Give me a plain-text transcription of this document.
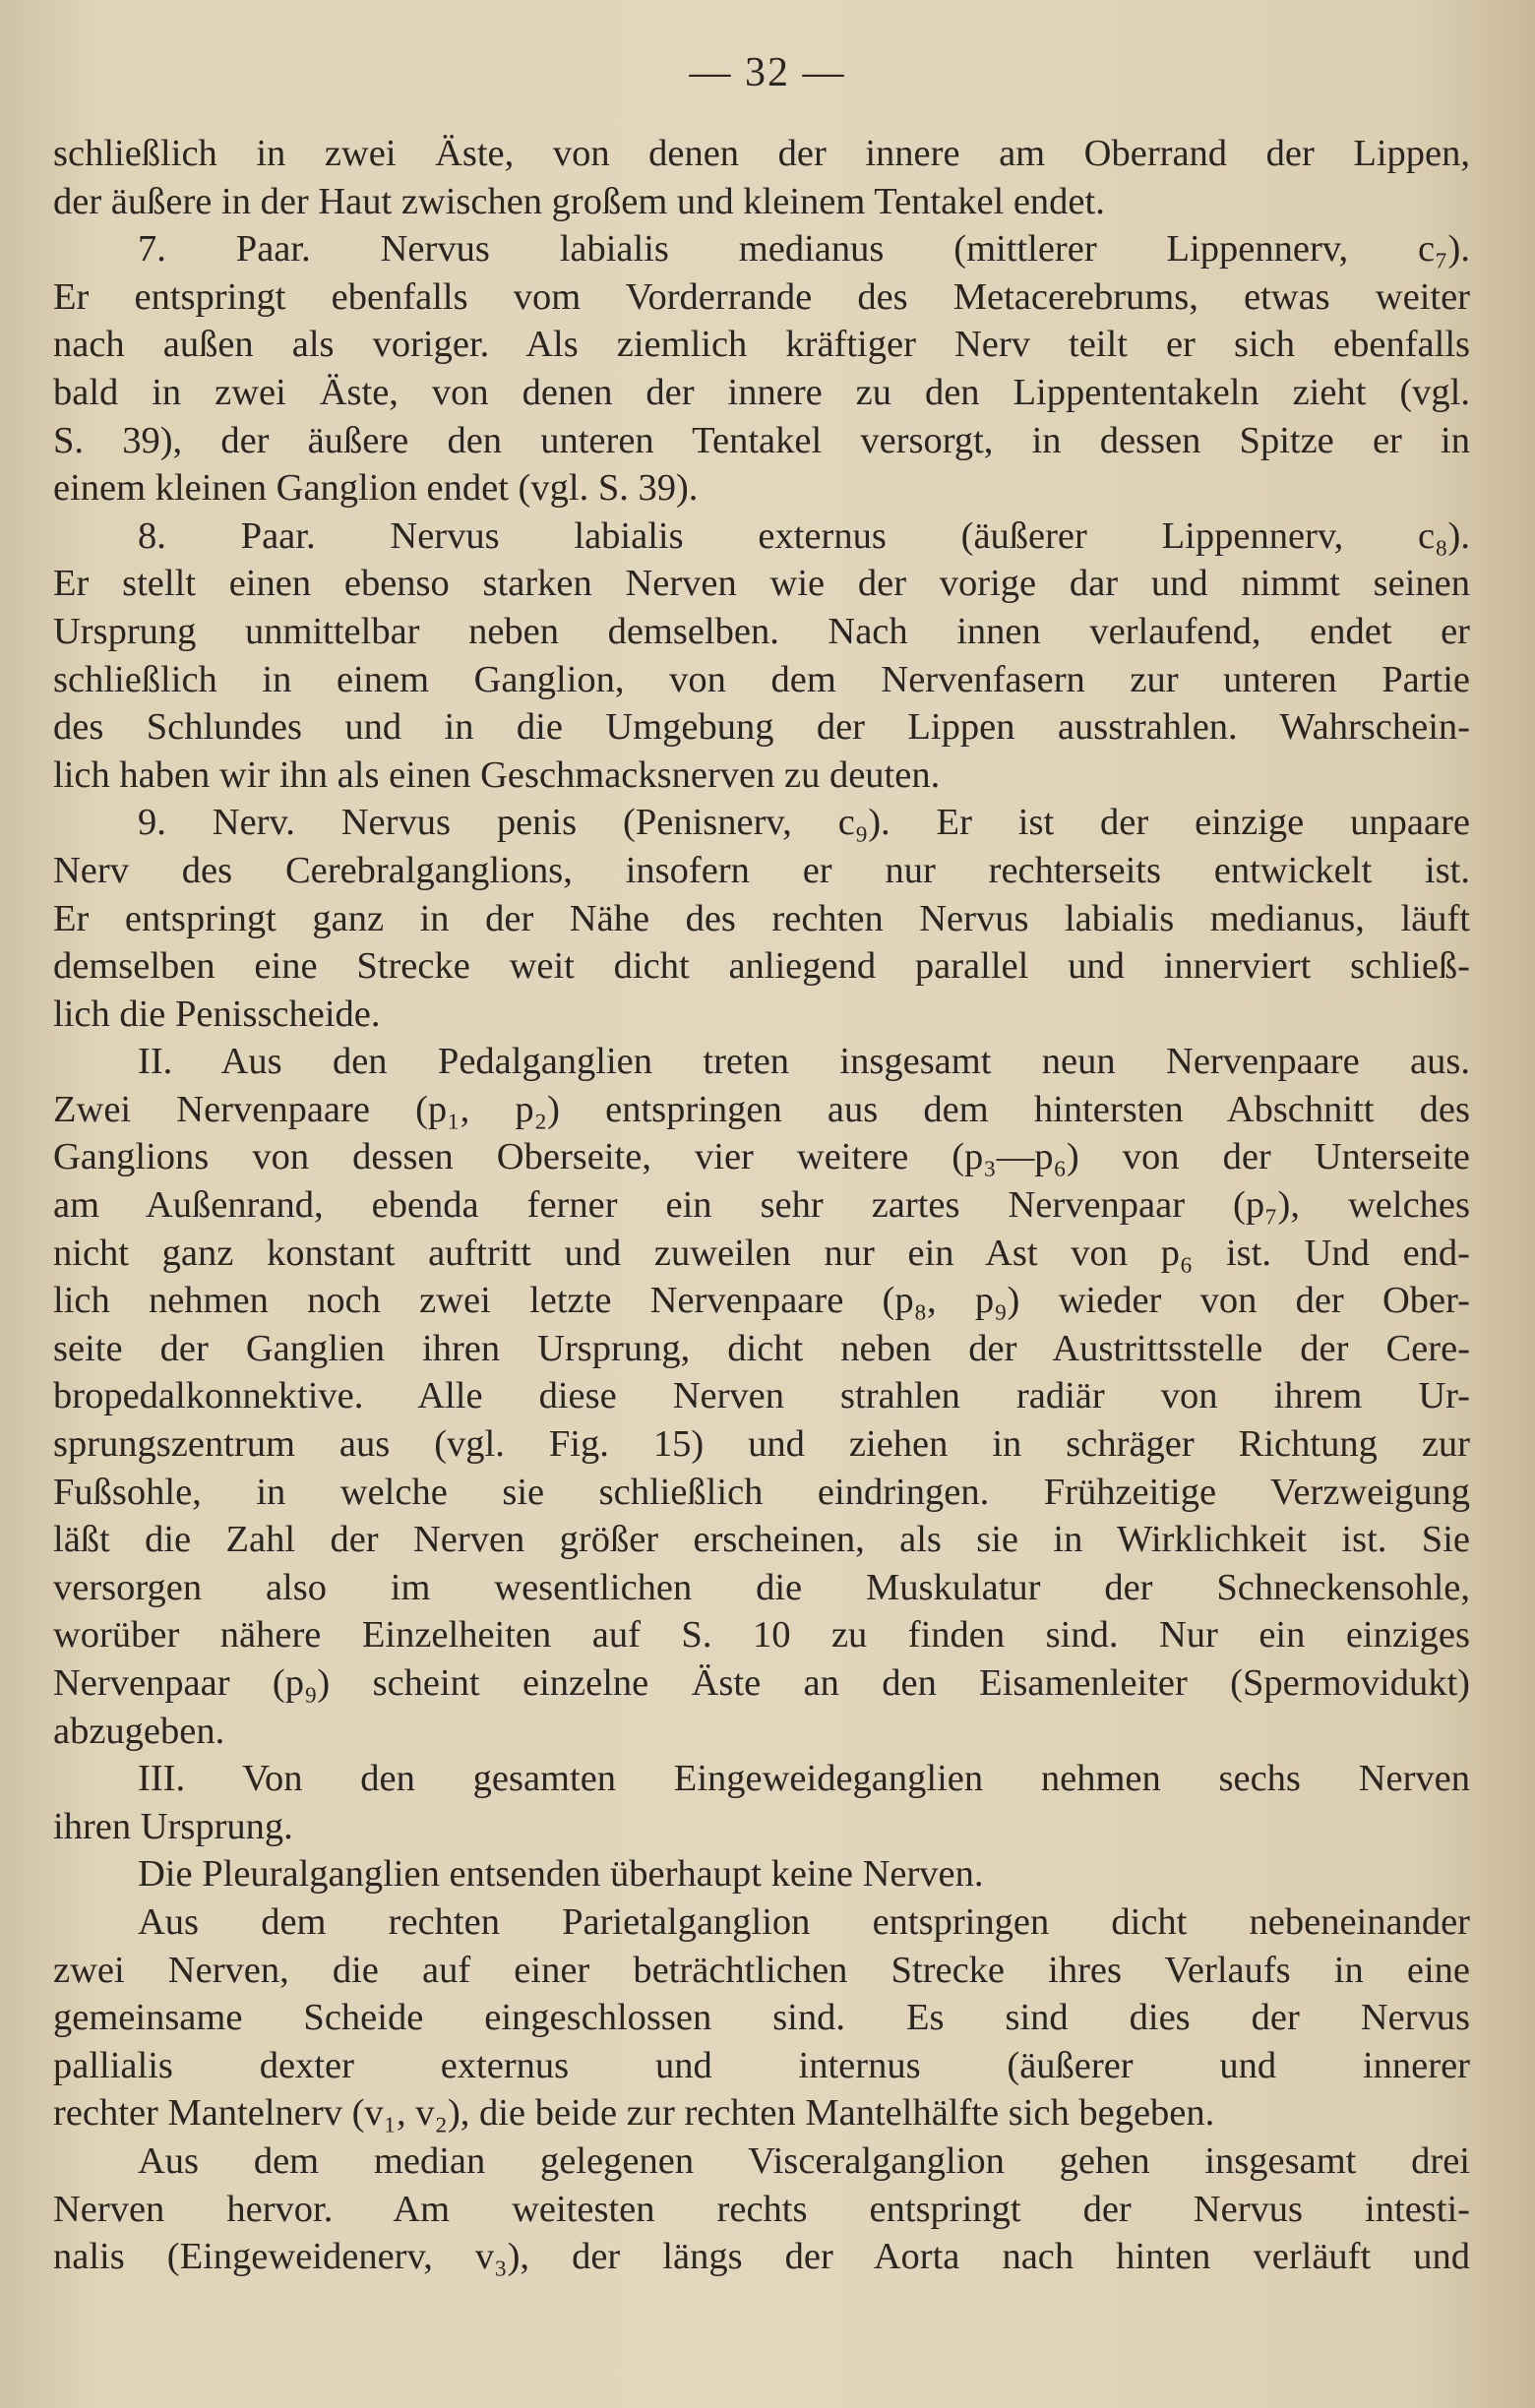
— 32 —
schließlich in zwei Äste, von denen der innere am Oberrand der Lippen,
der äußere in der Haut zwischen großem und kleinem Tentakel endet.
7. Paar. Nervus labialis medianus (mittlerer Lippennerv, c₇).
Er entspringt ebenfalls vom Vorderrande des Metacerebrums, etwas weiter
nach außen als voriger. Als ziemlich kräftiger Nerv teilt er sich ebenfalls
bald in zwei Äste, von denen der innere zu den Lippententakeln zieht (vgl.
S. 39), der äußere den unteren Tentakel versorgt, in dessen Spitze er in
einem kleinen Ganglion endet (vgl. S. 39).
8. Paar. Nervus labialis externus (äußerer Lippennerv, c₈).
Er stellt einen ebenso starken Nerven wie der vorige dar und nimmt seinen
Ursprung unmittelbar neben demselben. Nach innen verlaufend, endet er
schließlich in einem Ganglion, von dem Nervenfasern zur unteren Partie
des Schlundes und in die Umgebung der Lippen ausstrahlen. Wahrschein-
lich haben wir ihn als einen Geschmacksnerven zu deuten.
9. Nerv. Nervus penis (Penisnerv, c₉). Er ist der einzige unpaare
Nerv des Cerebralganglions, insofern er nur rechterseits entwickelt ist.
Er entspringt ganz in der Nähe des rechten Nervus labialis medianus, läuft
demselben eine Strecke weit dicht anliegend parallel und innerviert schließ-
lich die Penisscheide.
II. Aus den Pedalganglien treten insgesamt neun Nervenpaare aus.
Zwei Nervenpaare (p₁, p₂) entspringen aus dem hintersten Abschnitt des
Ganglions von dessen Oberseite, vier weitere (p₃—p₆) von der Unterseite
am Außenrand, ebenda ferner ein sehr zartes Nervenpaar (p₇), welches
nicht ganz konstant auftritt und zuweilen nur ein Ast von p₆ ist. Und end-
lich nehmen noch zwei letzte Nervenpaare (p₈, p₉) wieder von der Ober-
seite der Ganglien ihren Ursprung, dicht neben der Austrittsstelle der Cere-
bropedalkonnektive. Alle diese Nerven strahlen radiär von ihrem Ur-
sprungszentrum aus (vgl. Fig. 15) und ziehen in schräger Richtung zur
Fußsohle, in welche sie schließlich eindringen. Frühzeitige Verzweigung
läßt die Zahl der Nerven größer erscheinen, als sie in Wirklichkeit ist. Sie
versorgen also im wesentlichen die Muskulatur der Schneckensohle,
worüber nähere Einzelheiten auf S. 10 zu finden sind. Nur ein einziges
Nervenpaar (p₉) scheint einzelne Äste an den Eisamenleiter (Spermovidukt)
abzugeben.
III. Von den gesamten Eingeweideganglien nehmen sechs Nerven
ihren Ursprung.
Die Pleuralganglien entsenden überhaupt keine Nerven.
Aus dem rechten Parietalganglion entspringen dicht nebeneinander
zwei Nerven, die auf einer beträchtlichen Strecke ihres Verlaufs in eine
gemeinsame Scheide eingeschlossen sind. Es sind dies der Nervus
pallialis dexter externus und internus (äußerer und innerer
rechter Mantelnerv (v₁, v₂), die beide zur rechten Mantelhälfte sich begeben.
Aus dem median gelegenen Visceralganglion gehen insgesamt drei
Nerven hervor. Am weitesten rechts entspringt der Nervus intesti-
nalis (Eingeweidenerv, v₃), der längs der Aorta nach hinten verläuft und
